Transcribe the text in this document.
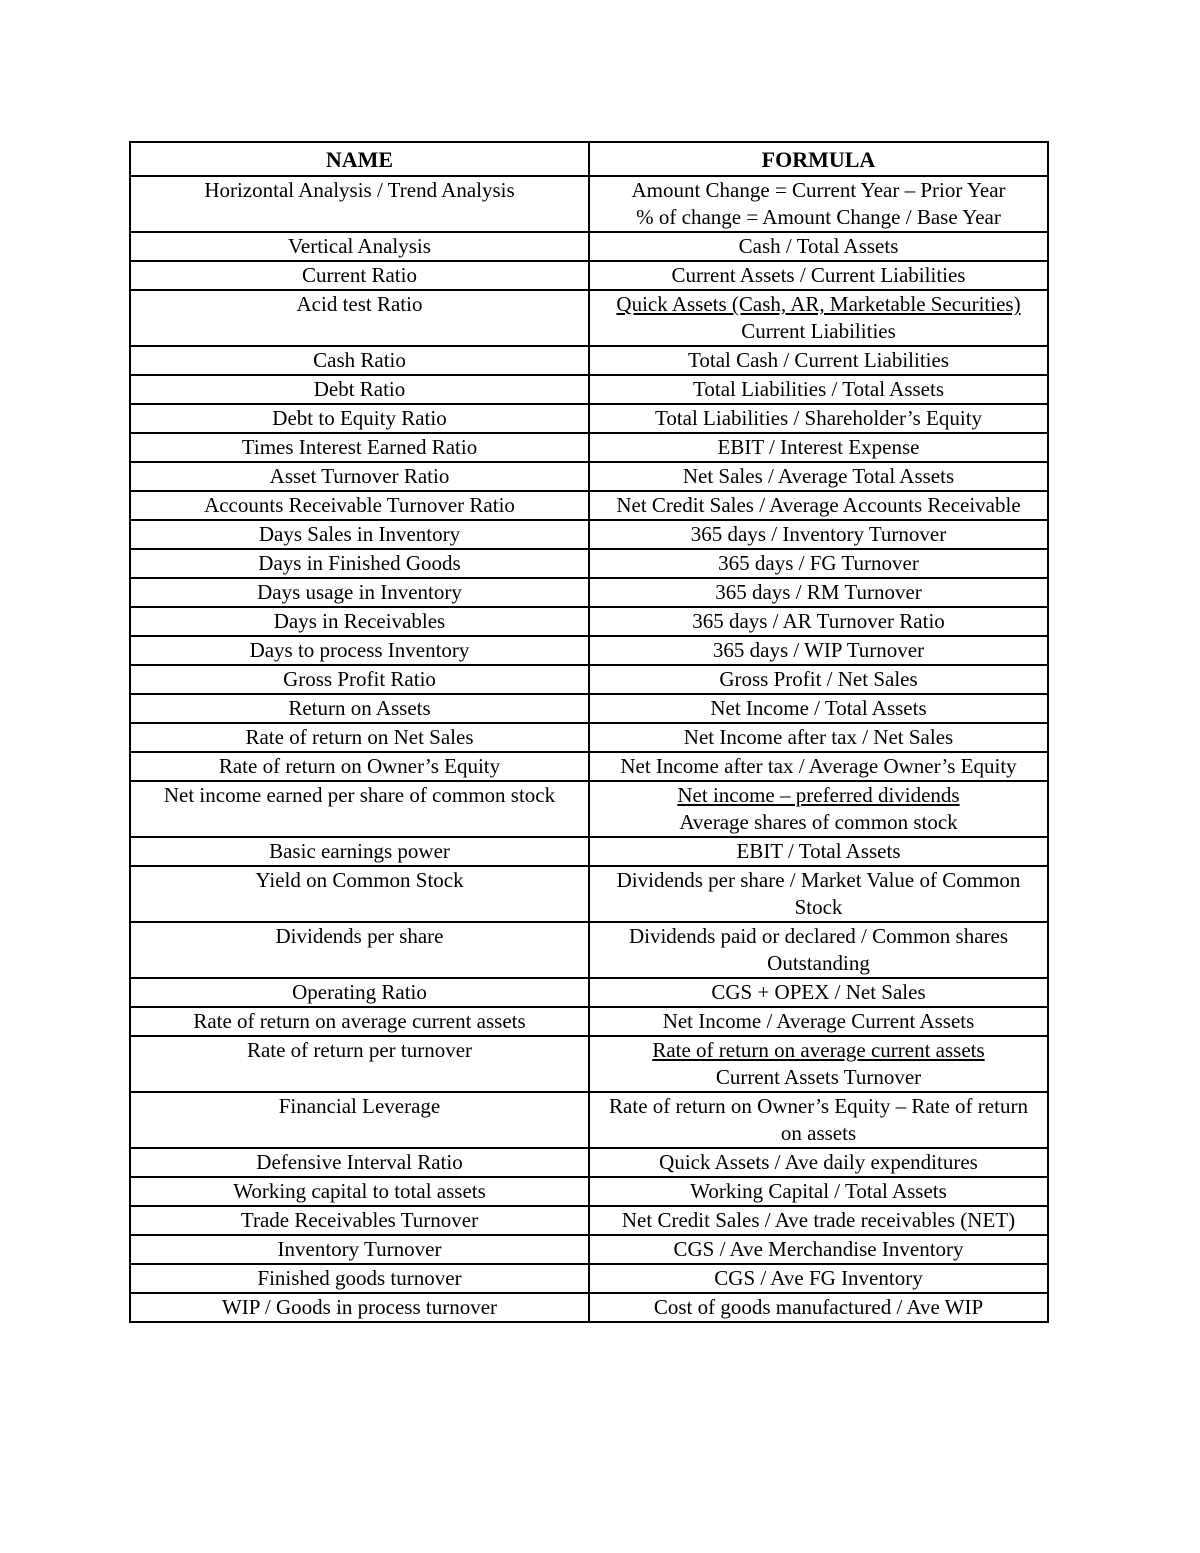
NAME	FORMULA
Horizontal Analysis / Trend Analysis	Amount Change = Current Year – Prior Year
% of change = Amount Change / Base Year

Vertical Analysis	Cash / Total Assets

Current Ratio	Current Assets / Current Liabilities

Acid test Ratio	Quick Assets (Cash, AR, Marketable Securities)
Current Liabilities

Cash Ratio	Total Cash / Current Liabilities

Debt Ratio	Total Liabilities / Total Assets

Debt to Equity Ratio	Total Liabilities / Shareholder’s Equity

Times Interest Earned Ratio	EBIT / Interest Expense

Asset Turnover Ratio	Net Sales / Average Total Assets

Accounts Receivable Turnover Ratio	Net Credit Sales / Average Accounts Receivable

Days Sales in Inventory	365 days / Inventory Turnover

Days in Finished Goods	365 days / FG Turnover

Days usage in Inventory	365 days / RM Turnover

Days in Receivables	365 days / AR Turnover Ratio

Days to process Inventory	365 days / WIP Turnover

Gross Profit Ratio	Gross Profit / Net Sales

Return on Assets	Net Income / Total Assets

Rate of return on Net Sales	Net Income after tax / Net Sales

Rate of return on Owner’s Equity	Net Income after tax / Average Owner’s Equity

Net income earned per share of common stock	Net income – preferred dividends
Average shares of common stock

Basic earnings power	EBIT / Total Assets

Yield on Common Stock	Dividends per share / Market Value of Common Stock

Dividends per share	Dividends paid or declared / Common shares Outstanding

Operating Ratio	CGS + OPEX / Net Sales

Rate of return on average current assets	Net Income / Average Current Assets

Rate of return per turnover	Rate of return on average current assets
Current Assets Turnover

Financial Leverage	Rate of return on Owner’s Equity – Rate of return on assets

Defensive Interval Ratio	Quick Assets / Ave daily expenditures

Working capital to total assets	Working Capital / Total Assets

Trade Receivables Turnover	Net Credit Sales / Ave trade receivables (NET)

Inventory Turnover	CGS / Ave Merchandise Inventory

Finished goods turnover	CGS / Ave FG Inventory

WIP / Goods in process turnover	Cost of goods manufactured / Ave WIP
